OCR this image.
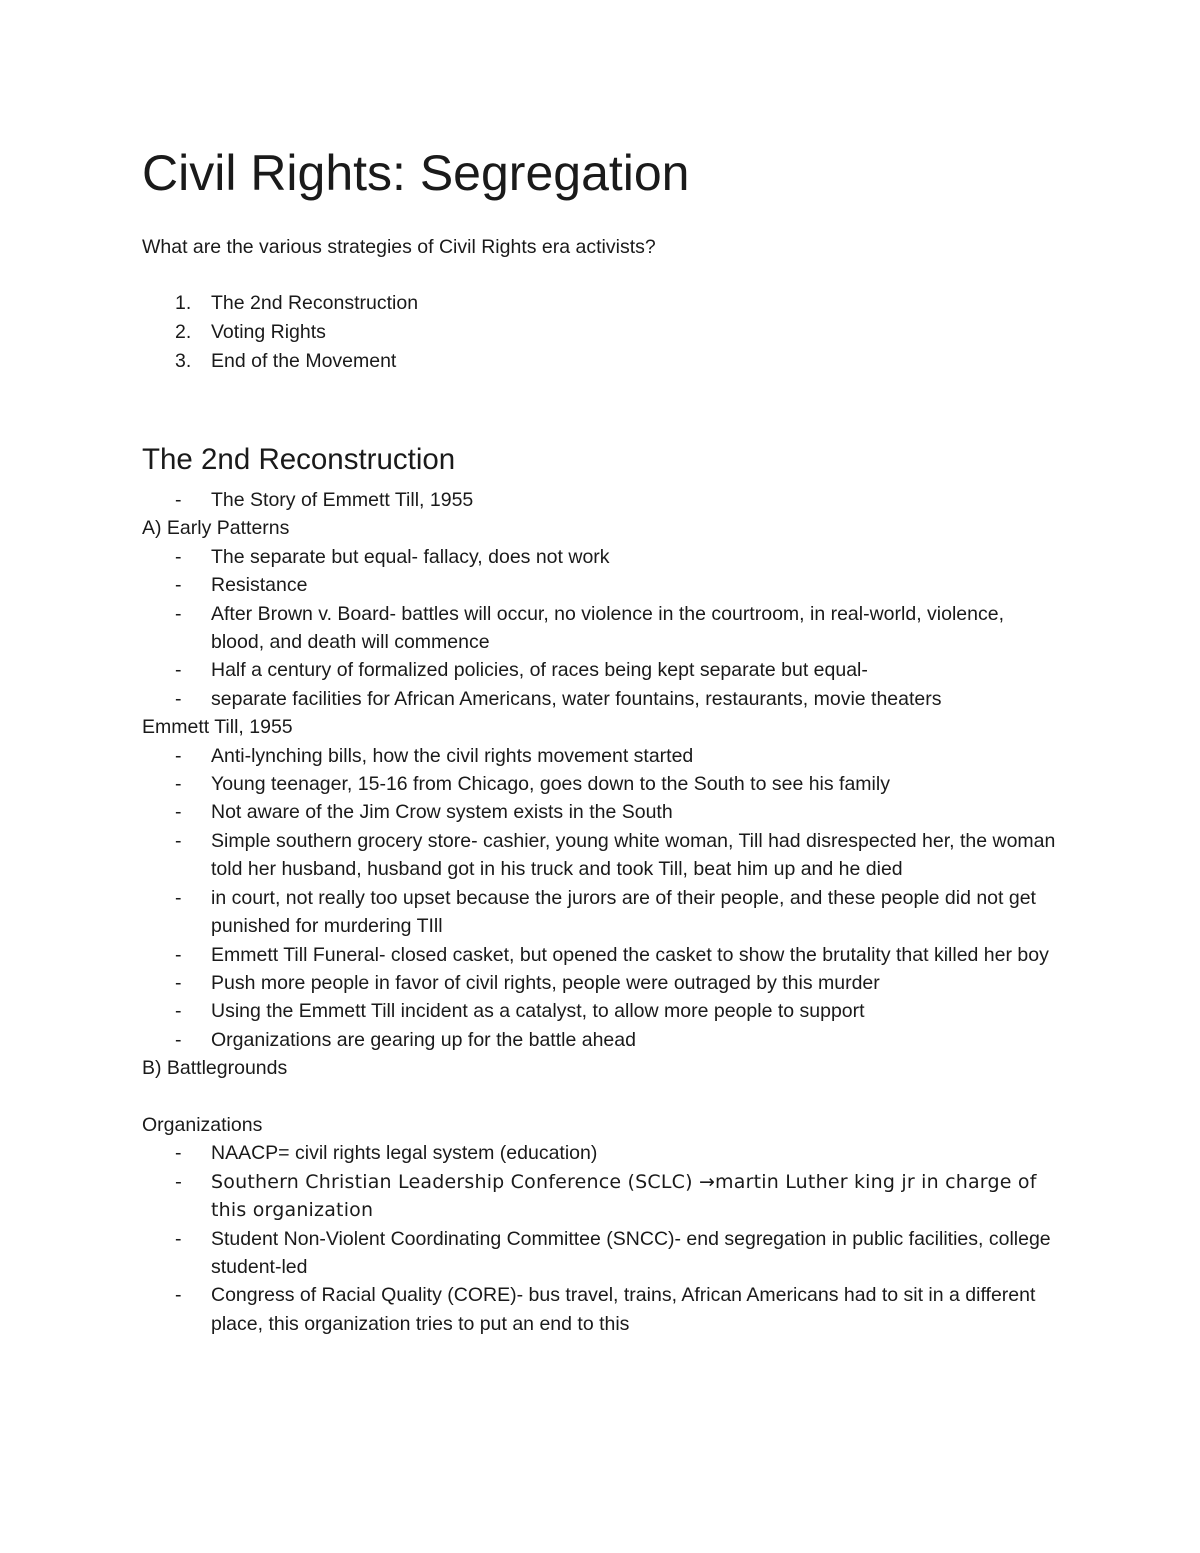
Civil Rights: Segregation

What are the various strategies of Civil Rights era activists?

1. The 2nd Reconstruction
2. Voting Rights
3. End of the Movement
The 2nd Reconstruction
- The Story of Emmett Till, 1955

A) Early Patterns

- The separate but equal- fallacy, does not work
- Resistance
- After Brown v. Board- battles will occur, no violence in the courtroom, in real-world, violence, blood, and death will commence
- Half a century of formalized policies, of races being kept separate but equal-
- separate facilities for African Americans, water fountains, restaurants, movie theaters

Emmett Till, 1955

- Anti-lynching bills, how the civil rights movement started
- Young teenager, 15-16 from Chicago, goes down to the South to see his family
- Not aware of the Jim Crow system exists in the South
- Simple southern grocery store- cashier, young white woman, Till had disrespected her, the woman told her husband, husband got in his truck and took Till, beat him up and he died
- in court, not really too upset because the jurors are of their people, and these people did not get punished for murdering TIll
- Emmett Till Funeral- closed casket, but opened the casket to show the brutality that killed her boy
- Push more people in favor of civil rights, people were outraged by this murder
- Using the Emmett Till incident as a catalyst, to allow more people to support
- Organizations are gearing up for the battle ahead

B) Battlegrounds

Organizations

- NAACP= civil rights legal system (education)
- Southern Christian Leadership Conference (SCLC) →martin Luther king jr in charge of this organization
- Student Non-Violent Coordinating Committee (SNCC)- end segregation in public facilities, college student-led
- Congress of Racial Quality (CORE)- bus travel, trains, African Americans had to sit in a different place, this organization tries to put an end to this
